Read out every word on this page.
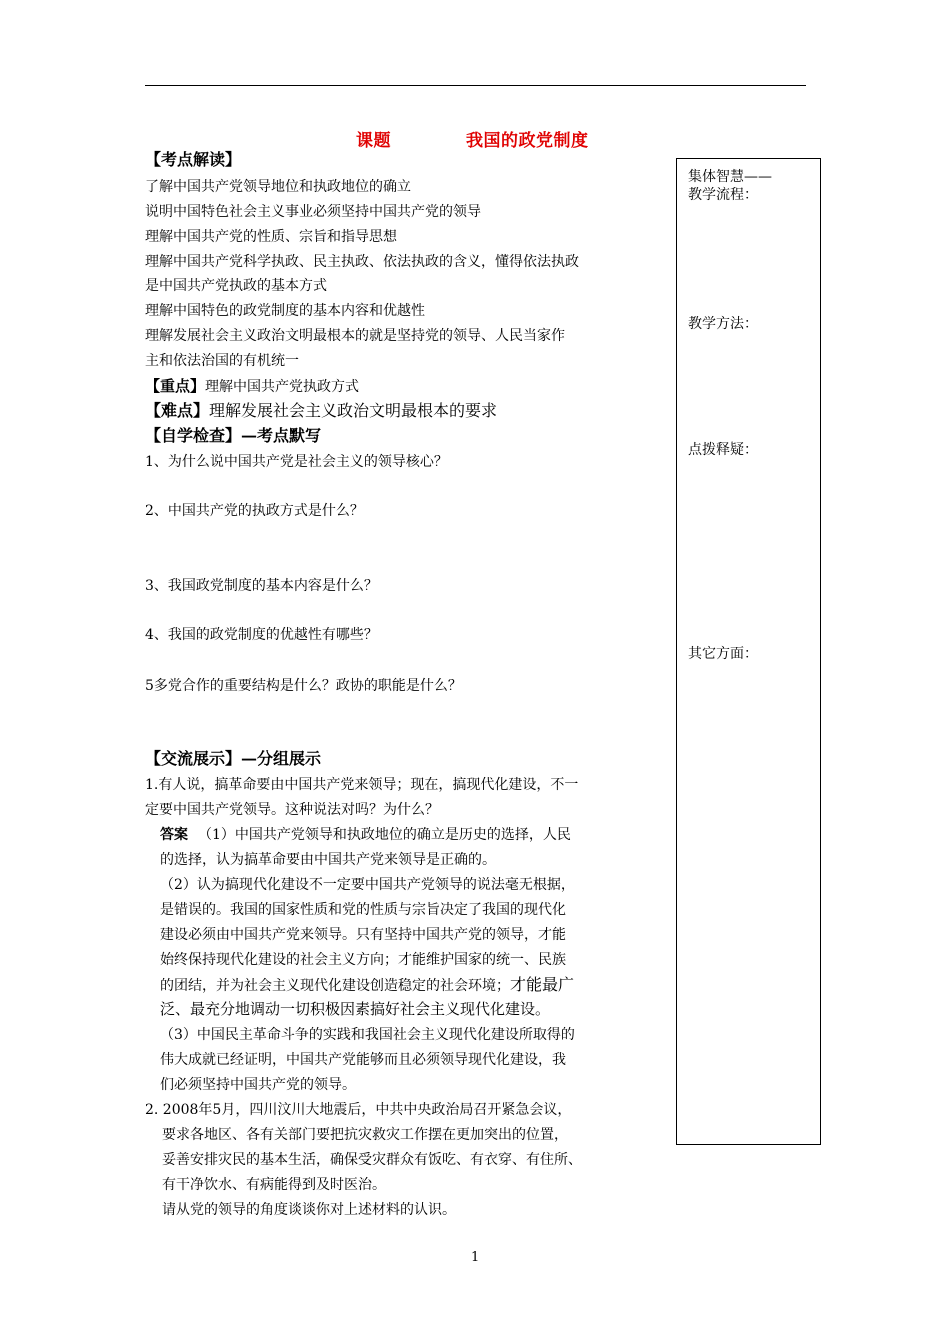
课题	我国的政党制度
【考点解读】
了解中国共产党领导地位和执政地位的确立
说明中国特色社会主义事业必须坚持中国共产党的领导
理解中国共产党的性质、宗旨和指导思想
理解中国共产党科学执政、民主执政、依法执政的含义，懂得依法执政
是中国共产党执政的基本方式
理解中国特色的政党制度的基本内容和优越性
理解发展社会主义政治文明最根本的就是坚持党的领导、人民当家作
主和依法治国的有机统一
【重点】理解中国共产党执政方式
【难点】理解发展社会主义政治文明最根本的要求
【自学检查】—考点默写
1、为什么说中国共产党是社会主义的领导核心？
2、中国共产党的执政方式是什么？
3、我国政党制度的基本内容是什么？
4、我国的政党制度的优越性有哪些？
5多党合作的重要结构是什么？政协的职能是什么？
【交流展示】—分组展示
1.有人说，搞革命要由中国共产党来领导；现在，搞现代化建设，不一
定要中国共产党领导。这种说法对吗？为什么？
答案 （1）中国共产党领导和执政地位的确立是历史的选择，人民
的选择，认为搞革命要由中国共产党来领导是正确的。
（2）认为搞现代化建设不一定要中国共产党领导的说法毫无根据，
是错误的。我国的国家性质和党的性质与宗旨决定了我国的现代化
建设必须由中国共产党来领导。只有坚持中国共产党的领导，才能
始终保持现代化建设的社会主义方向；才能维护国家的统一、民族
的团结，并为社会主义现代化建设创造稳定的社会环境；才能最广
泛、最充分地调动一切积极因素搞好社会主义现代化建设。
（3）中国民主革命斗争的实践和我国社会主义现代化建设所取得的
伟大成就已经证明，中国共产党能够而且必须领导现代化建设，我
们必须坚持中国共产党的领导。
2. 2008年5月，四川汶川大地震后，中共中央政治局召开紧急会议，
要求各地区、各有关部门要把抗灾救灾工作摆在更加突出的位置，
妥善安排灾民的基本生活，确保受灾群众有饭吃、有衣穿、有住所、
有干净饮水、有病能得到及时医治。
请从党的领导的角度谈谈你对上述材料的认识。
集体智慧——
教学流程：
教学方法：
点拨释疑：
其它方面：
1
